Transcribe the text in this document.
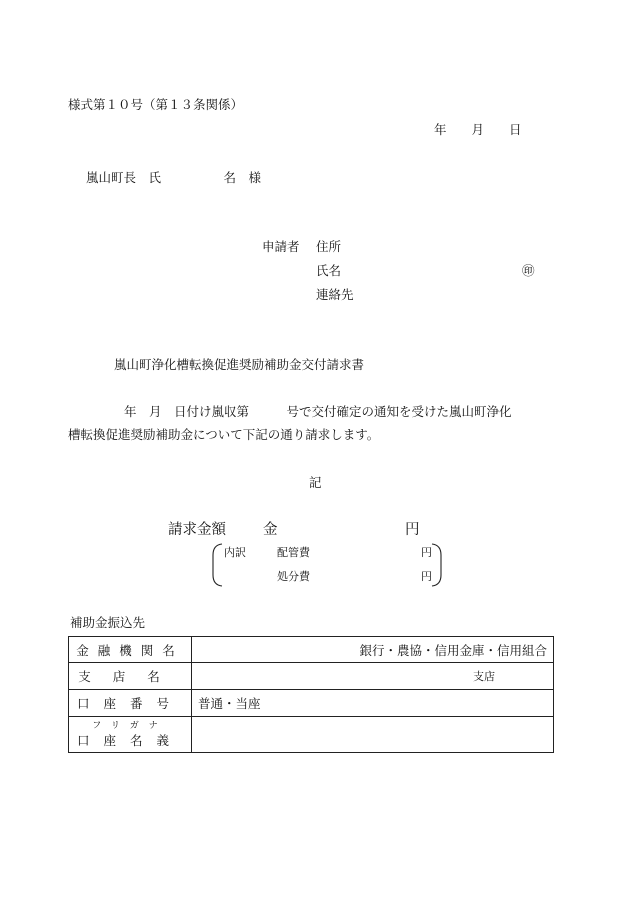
様式第１０号（第１３条関係）
年　　月　　日
嵐山町長　氏　　　　　名　様
申請者 住所
氏名	㊞
連絡先
嵐山町浄化槽転換促進奨励補助金交付請求書
年　月　日付け嵐収第　　　号で交付確定の通知を受けた嵐山町浄化
槽転換促進奨励補助金について下記の通り請求します。
記
請求金額	金	円
内訳	配管費	円
処分費	円
補助金振込先
金融機関名	銀行・農協・信用金庫・信用組合
支店名	支店
口座番号	普通・当座

フリガナ
口座名義	
